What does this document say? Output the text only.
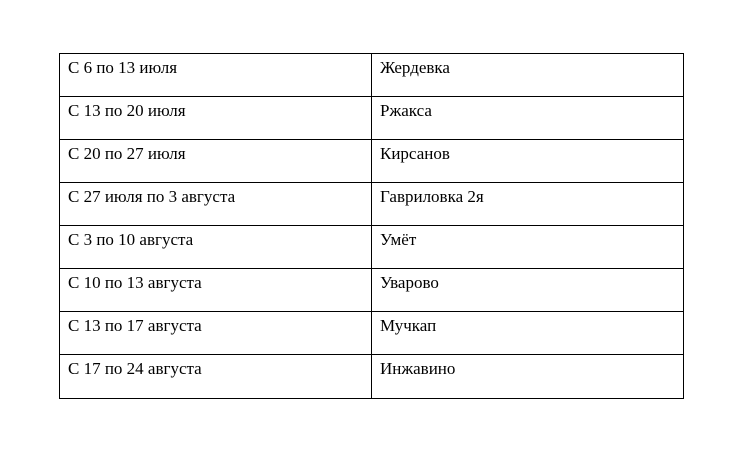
С 6 по 13 июля	Жердевка
С 13 по 20 июля	Ржакса
С 20 по 27 июля	Кирсанов
С 27 июля по 3 августа	Гавриловка 2я
С 3 по 10 августа	Умёт
С 10 по 13 августа	Уварово
С 13 по 17 августа	Мучкап
С 17 по 24 августа	Инжавино
